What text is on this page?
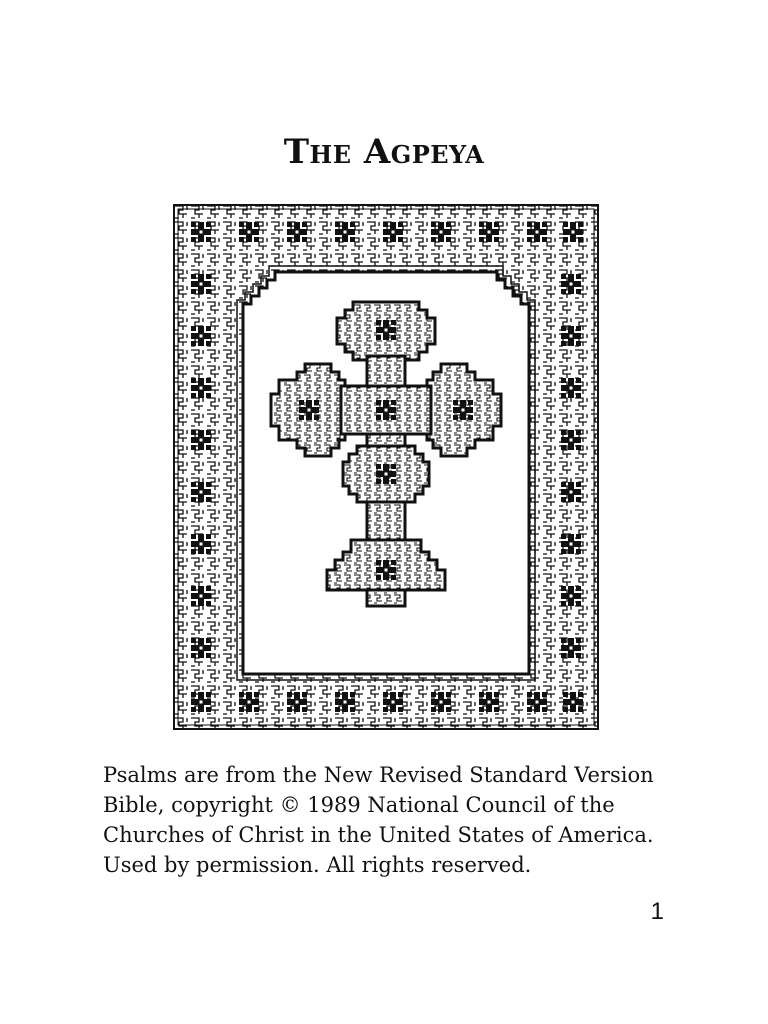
The Agpeya
Psalms are from the New Revised Standard Version
Bible, copyright © 1989 National Council of the
Churches of Christ in the United States of America.
Used by permission. All rights reserved.
1
